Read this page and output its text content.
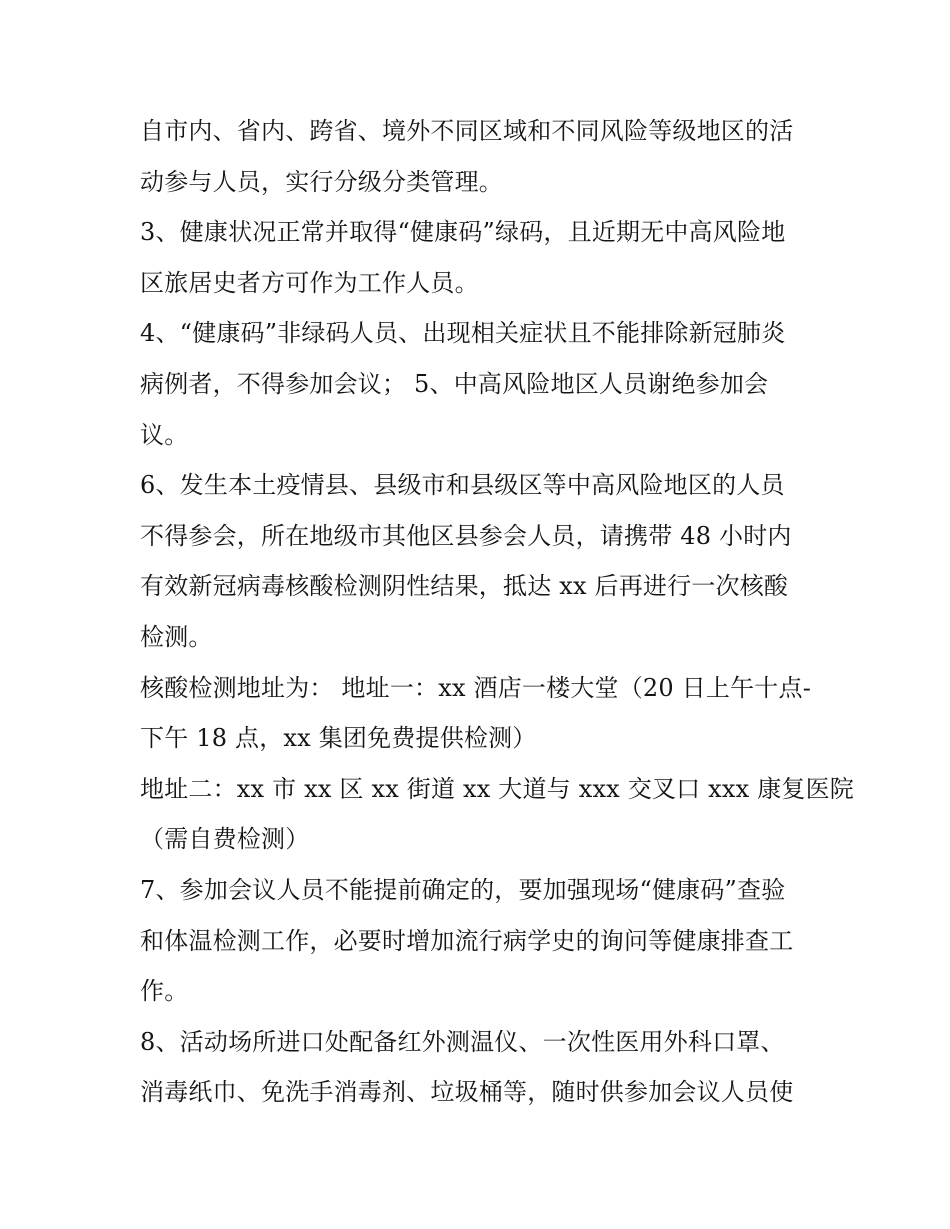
自市内、省内、跨省、境外不同区域和不同风险等级地区的活
动参与人员，实行分级分类管理。
3、健康状况正常并取得“健康码”绿码，且近期无中高风险地
区旅居史者方可作为工作人员。
4、“健康码”非绿码人员、出现相关症状且不能排除新冠肺炎
病例者，不得参加会议； 5、中高风险地区人员谢绝参加会
议。
6、发生本土疫情县、县级市和县级区等中高风险地区的人员
不得参会，所在地级市其他区县参会人员，请携带 48 小时内
有效新冠病毒核酸检测阴性结果，抵达 xx 后再进行一次核酸
检测。
核酸检测地址为： 地址一：xx 酒店一楼大堂（20 日上午十点-
下午 18 点，xx 集团免费提供检测）
地址二：xx 市 xx 区 xx 街道 xx 大道与 xxx 交叉口 xxx 康复医院
（需自费检测）
7、参加会议人员不能提前确定的，要加强现场“健康码”查验
和体温检测工作，必要时增加流行病学史的询问等健康排查工
作。
8、活动场所进口处配备红外测温仪、一次性医用外科口罩、
消毒纸巾、免洗手消毒剂、垃圾桶等，随时供参加会议人员使
